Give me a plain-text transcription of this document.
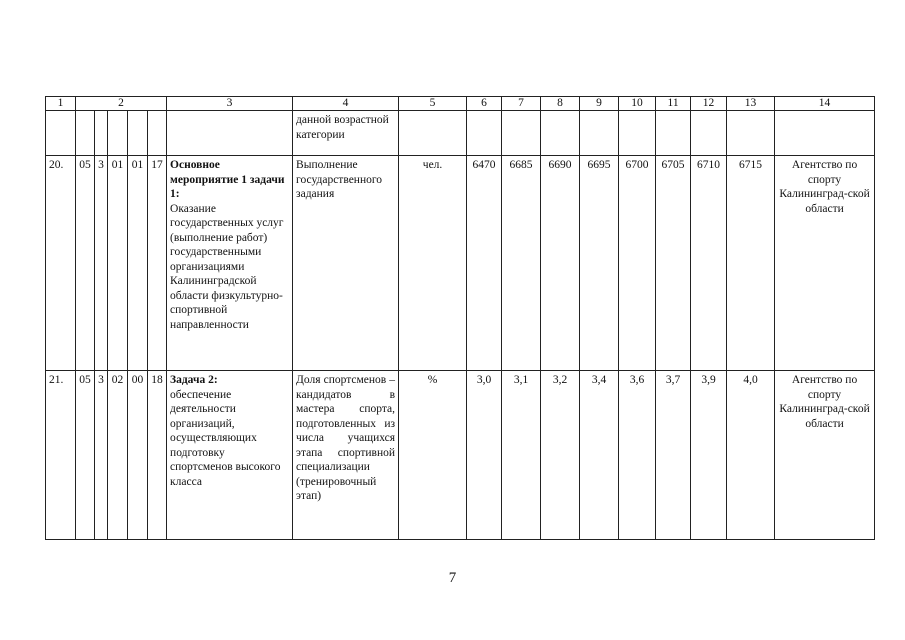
1	2					3	4	5	6	7	8	9	10	11	12	13	14
							данной возрастной категории										
20.	05	3	01	01	17	Основное мероприятие 1 задачи 1:
Оказание государственных услуг (выполнение работ) государственными организациями Калининградской области физкультурно-спортивной направленности	Выполнение государственного задания	чел.	6470	6685	6690	6695	6700	6705	6710	6715	Агентство по спорту Калининград-ской области
21.	05	3	02	00	18	Задача 2:
обеспечение деятельности организаций, осуществляющих подготовку спортсменов высокого класса	Доля спортсменов – кандидатов в мастера спорта, подготовленных из числа учащихся этапа спортивной специализации (тренировочный этап)	%	3,0	3,1	3,2	3,4	3,6	3,7	3,9	4,0	Агентство по спорту Калининград-ской области
7
